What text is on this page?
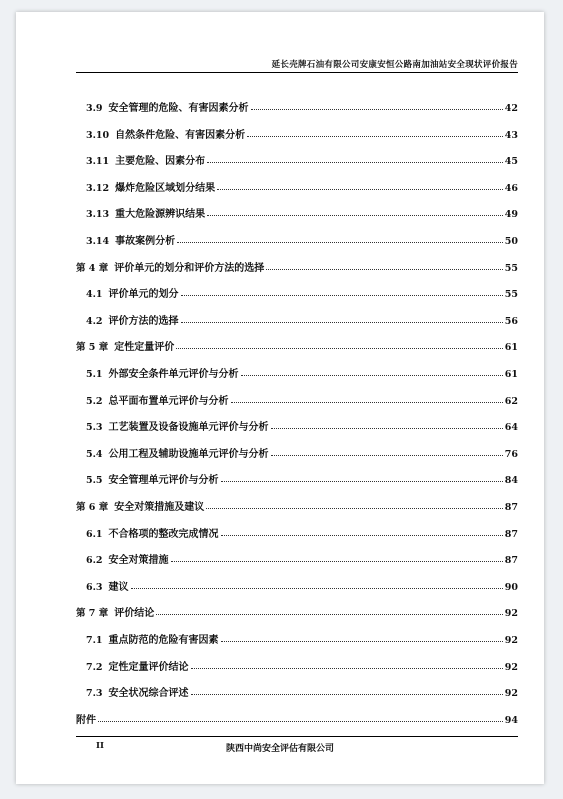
延长壳牌石油有限公司安康安恒公路南加油站安全现状评价报告
3.9 安全管理的危险、有害因素分析	42
3.10 自然条件危险、有害因素分析	43
3.11 主要危险、因素分布	45
3.12 爆炸危险区域划分结果	46
3.13 重大危险源辨识结果	49
3.14 事故案例分析	50
第 4 章 评价单元的划分和评价方法的选择	55
4.1 评价单元的划分	55
4.2 评价方法的选择	56
第 5 章 定性定量评价	61
5.1 外部安全条件单元评价与分析	61
5.2 总平面布置单元评价与分析	62
5.3 工艺装置及设备设施单元评价与分析	64
5.4 公用工程及辅助设施单元评价与分析	76
5.5 安全管理单元评价与分析	84
第 6 章 安全对策措施及建议	87
6.1 不合格项的整改完成情况	87
6.2 安全对策措施	87
6.3 建议	90
第 7 章 评价结论	92
7.1 重点防范的危险有害因素	92
7.2 定性定量评价结论	92
7.3 安全状况综合评述	92
附件	94
II	陕西中尚安全评估有限公司
